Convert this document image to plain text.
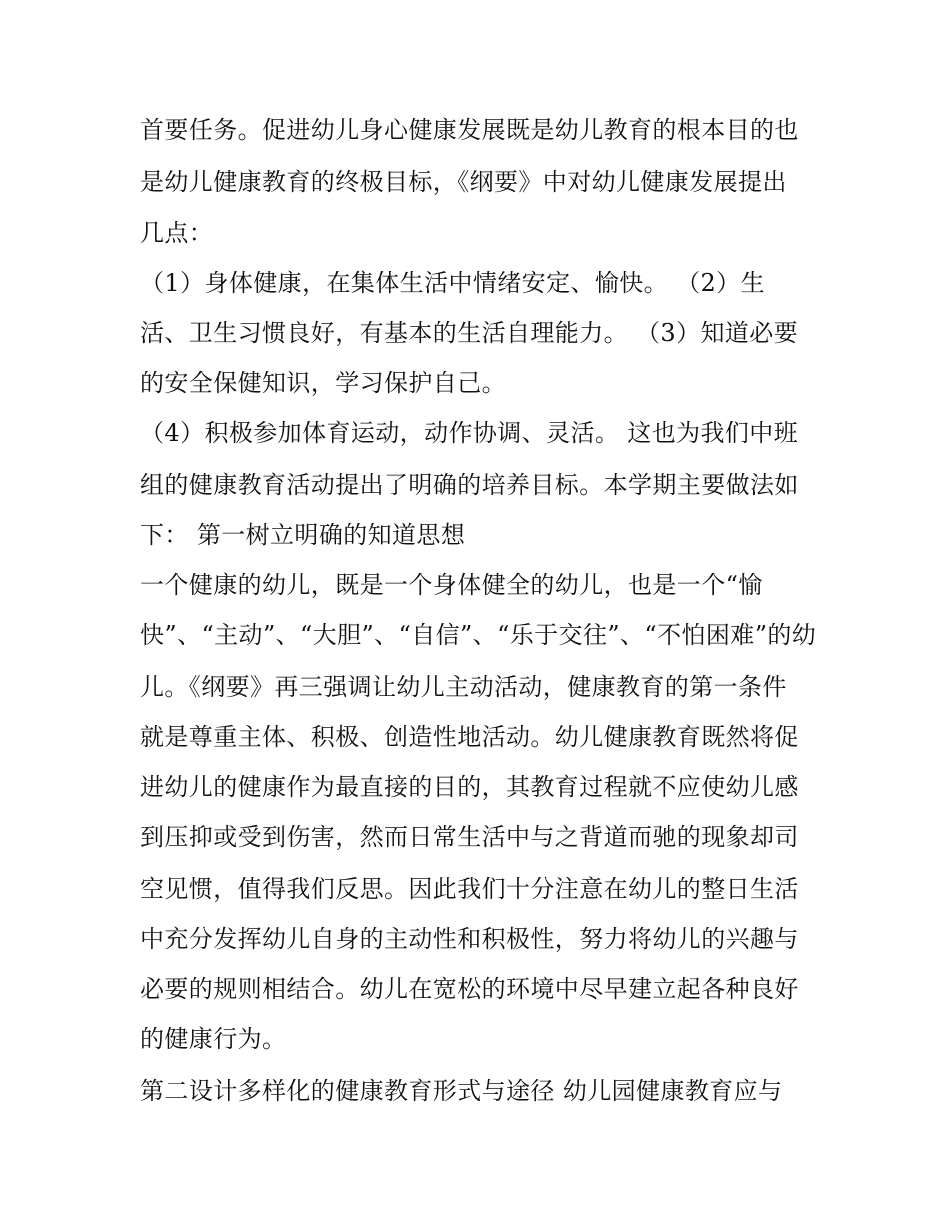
首要任务。促进幼儿身心健康发展既是幼儿教育的根本目的也
是幼儿健康教育的终极目标，《纲要》中对幼儿健康发展提出
几点：
（1）身体健康，在集体生活中情绪安定、愉快。 （2）生
活、卫生习惯良好，有基本的生活自理能力。 （3）知道必要
的安全保健知识，学习保护自己。
（4）积极参加体育运动，动作协调、灵活。 这也为我们中班
组的健康教育活动提出了明确的培养目标。本学期主要做法如
下： 第一树立明确的知道思想
一个健康的幼儿，既是一个身体健全的幼儿，也是一个“愉
快”、“主动”、“大胆”、“自信”、“乐于交往”、“不怕困难”的幼
儿。《纲要》再三强调让幼儿主动活动，健康教育的第一条件
就是尊重主体、积极、创造性地活动。幼儿健康教育既然将促
进幼儿的健康作为最直接的目的，其教育过程就不应使幼儿感
到压抑或受到伤害，然而日常生活中与之背道而驰的现象却司
空见惯，值得我们反思。因此我们十分注意在幼儿的整日生活
中充分发挥幼儿自身的主动性和积极性，努力将幼儿的兴趣与
必要的规则相结合。幼儿在宽松的环境中尽早建立起各种良好
的健康行为。
第二设计多样化的健康教育形式与途径 幼儿园健康教育应与
